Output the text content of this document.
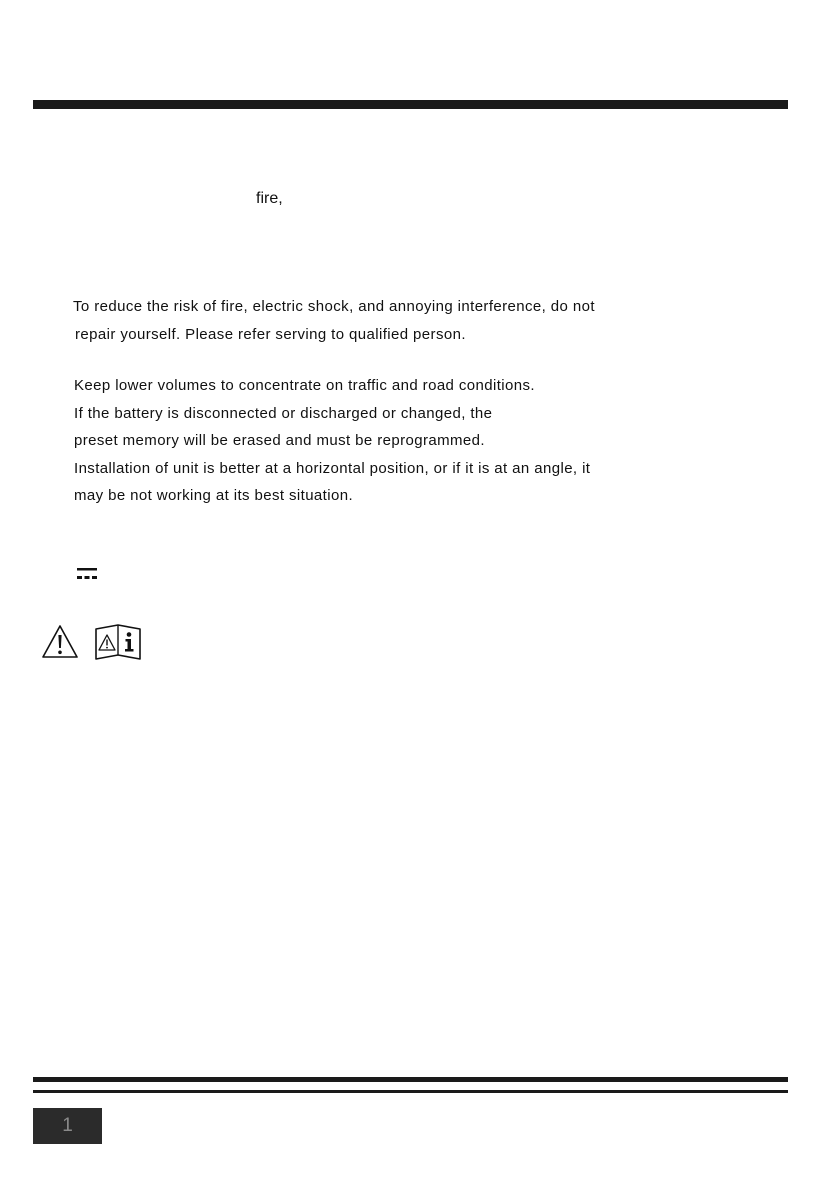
fire,

To reduce the risk of fire, electric shock, and annoying interference, do not
repair yourself. Please refer serving to qualified person.

Keep lower volumes to concentrate on traffic and road conditions.
If the battery is disconnected or discharged or changed, the
preset memory will be erased and must be reprogrammed.
Installation of unit is better at a horizontal position, or if it is at an angle, it
may be not working at its best situation.

1
